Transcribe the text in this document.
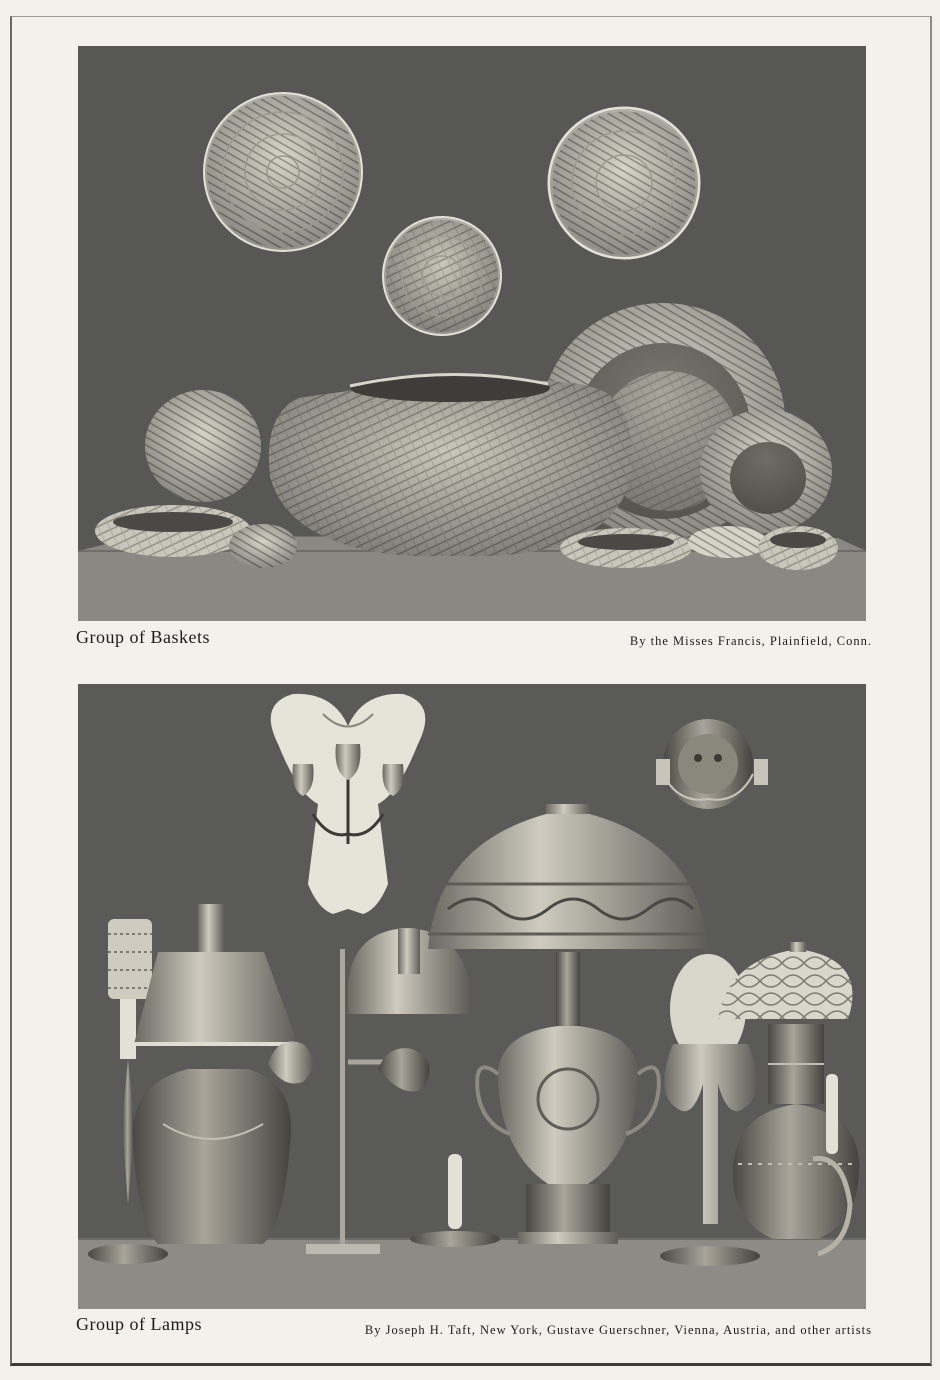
Group of Baskets	By the Misses Francis, Plainfield, Conn.
Group of Lamps	By Joseph H. Taft, New York, Gustave Guerschner, Vienna, Austria, and other artists
